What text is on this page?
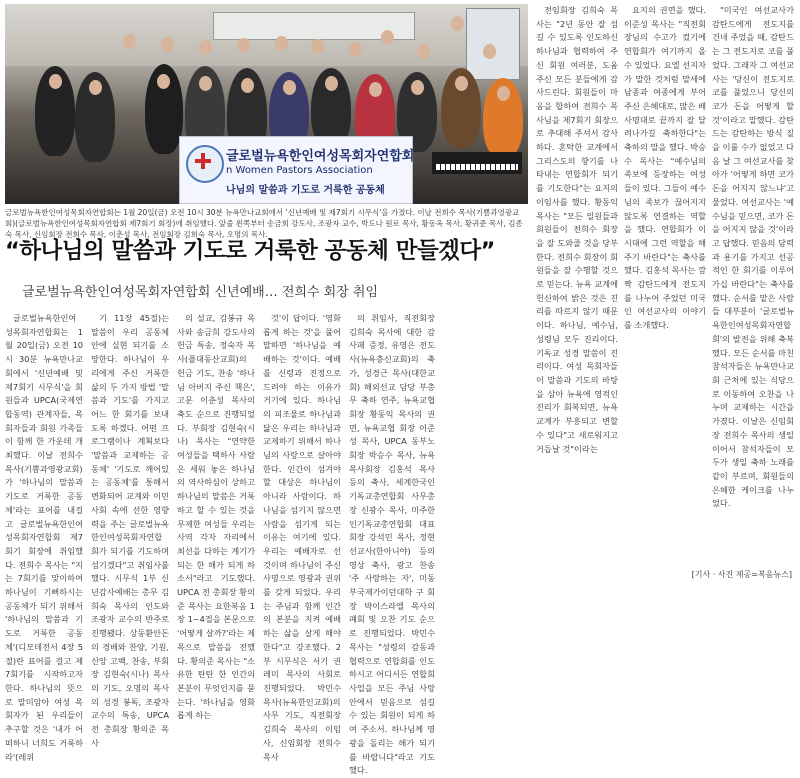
글로벌뉴욕한인여성목회자연합회
n Women Pastors Association
나님의 말씀과 기도로 거룩한 공동체
글로벌뉴욕한인여성목회자연합회는 1월 20일(금) 오전 10시 30분 뉴욕만나교회에서 '신년예배 및 제7회기 시무식'을 가졌다. 이날 전희수 목사(기쁨과영광교회)(글로벌뉴욕한인여성목회자연합회 제7회기 회장)에 취임했다. 앞줄 왼쪽부터 송금희 강도사, 조광자 교수, 박도나 원로 목사, 황동옥 목사, 황귀준 목사, 김종숙 목사, 신임회장 전희수 목사, 이춘성 목사, 전임회장 김희숙 목사, 오명의 목사.
“하나님의 말씀과 기도로 거룩한 공동체 만들겠다”
글로벌뉴욕한인여성목회자연합회 신년예배… 전희수 회장 취임

글로벌뉴욕한인여성목회자연합회는 1월 20일(금) 오전 10시 30분 뉴욕만나교회에서 '신년예배 및 제7회기 시무식'을 회원들과 UPCA(국제연합동역) 관계자들, 목회자들과 회원 가족들이 함께 한 가운데 개최했다. 이날 전희수 목사(기쁨과영광교회)가 '하나님의 말씀과 기도로 거룩한 공동체'라는 표어를 내걸고 글로벌뉴욕한인여성목회자연합회 제7회기 회장에 취임했다. 전희수 목사는 "지는 7회기를 맞이하여 하나님이 기뻐하시는 공동체가 되기 위해서 '하나님의 말씀과 기도로 거룩한 공동체'(디모데전서 4장 5절)란 표어를 걸고 제7회기를 시작하고자 한다. 하나님의 뜻으로 말미암아 여성 목회자가 된 우리들이 추구할 것은 '내가 어떠하니 너희도 거룩하라'(레위

기 11장 45절)는 말씀이 우리 공동체 안에 실현 되기를 소망한다. 하나님이 우리에게 주신 거룩한 삶의 두 가지 방법 '말씀과 기도'를 가지고 어느 한 회기를 보내도록 하겠다. 어떤 프로그램이나 계획보다 '말씀과 교제하는 공동체' '기도로 깨어있는 공동체'를 통해서 변화되어 교계와 이민사회 속에 선한 영향력을 주는 글로벌뉴욕한인여성목회자연합회가 되기를 기도하며 섬기겠다"고 취임사를 했다. 시무식 1부 신년감사예배는 총무 김희숙 목사의 인도와 조광자 교수의 반주로 진행됐다. 상동환안돈의 경배와 찬양, 기원, 신앙 고백, 찬송, 부회장 김현숙(시나) 목사의 기도, 오명의 목사의 성경 봉독, 조광자 교수의 특송, UPCA 전 총회장 황의준 목사

의 설교, 김봉규 목사와 송금희 강도사의 헌금 특송, 정숙자 목사(플대동산교회)의 헌금 기도, 찬송 '하나님 아버지 주신 책은', 고문 이춘성 목사의 축도 순으로 진행되었다. 부회장 김현숙(시나) 목사는 "연약한 여성들을 택하사 사람은 세워 놓은 하나님의 역사하심이 상하고 하나님의 말씀은 거룩하고 할 수 있는 것을 무제한 여성들 우리는 사역 각자 자리에서 최선을 다하는 계기가 되는 한 해가 되게 하소서"라고 기도했다. UPCA 전 총회장 황의준 목사는 요한복음 1장 1~4절을 본문으로 '어떻게 살까?'라는 제목으로 말씀을 전했다. 황의준 목사는 "소유한 탄탄 한 인간의 본분이 무엇인지를 묻는다. '하나님을 영화롭게 하는

것'이 답이다. '영화롭게 하는 것'을 풀어 말하면 '하나님을 예배하는 것'이다. 예배를 신령과 진정으로 드려야 하는 이유가 거기에 있다. 하나님의 피조물로 하나님과 닮은 우리는 하나님과 교제하기 위해서 하나님의 사랑으로 살아야 한다. 인간이 섬겨야 할 대상은 하나님이 아니라 사람이다. 하나님을 섬기지 않으면 사람을 섬기게 되는 이유는 여기에 있다. 우리는 예배자로 선 것이며 하나님이 주신 사명으로 영광과 권위를 갖게 되었다. 우리는 주님과 함께 인간의 본분을 지켜 예배하는 삶을 살게 해야 한다"고 강조했다. 2부 시무식은 서기 권레미 목사의 사회로 진행되었다. 박민수 목사(뉴욕한인교회)의 사무 기도, 직전회장 김희숙 목사의 이임사, 신임회장 전희수 목사

의 취임사, 직전회장 김희숙 목사에 대한 감사패 증정, 유영은 전도사(뉴욕충신교회)의 축가, 성경근 목사(대한교회) 해외선교 담당 부총무 축하 연주, 뉴욕교협 회장 황동익 목사의 권면, 뉴욕교협 회장 이준성 목사, UPCA 동부노회장 박승수 목사, 뉴욕목사회장 김홍석 목사 등의 축사, 세계한국인기독교총연합회 사무총장 신광수 목사, 미주한인기독교총연합회 대표회장 강석민 목사, 정현 선교사(한아니야) 등의 영상 축사, 광고 찬송 '주 사랑하는 자', 미동부국제가이던대학 구 회장 박이스라엘 목사의 폐회 및 오찬 기도 순으로 진행되었다. 박민수 목사는 "성령의 감동과 협력으로 연합회를 인도하시고 어디서든 연합회 사업을 모든 주님 사랑 안에서 믿음으로 섬길 수 있는 회원이 되게 하여 주소서. 하나님께 영광을 돌리는 해가 되기를 바랍니다"라고 기도했다.

전임회장 김희숙 목사는 "2년 동안 잘 섬길 수 있도록 인도하신 하나님과 협력하여 주신 회원 여러분, 도움 주신 모든 분들에게 감사드린다. 회원들이 마음을 합하여 전희수 목사님을 제7회기 회장으로 추대해 주셔서 감사하다. 혼탁한 교계에서 그리스도의 향기를 나타내는 연합회가 되기를 기도한다"는 요지의 이임사를 했다. 황동익 목사는 "모든 일원들과 회원들이 전희수 회장을 잘 도와줄 것을 당부한다. 전희수 회장이 회원들을 잘 수행할 것으로 믿는다. 뉴욕 교계에 헌신하여 밝은 것은 진리를 따르지 않기 때문이다. 하나님, 예수님, 성령님 모두 진리이다. 기독교 성경 말씀이 진리이다. 여성 목회자들이 말씀과 기도의 바탕을 삼아 뉴욕에 영적인 진리가 회복되면, 뉴욕 교계가 부흥되고 변할 수 있다"고 새로워지고 거듭날 것"이라는

요지의 권면을 했다. 이준성 목사는 "직전회장님의 수고가 컸기에 연합회가 여기까지 올 수 있었다. 요엘 선지자가 말한 것처럼 말세에 남종과 여종에게 부어주신 은혜대로, 많은 배 사명대로 끝까지 잘 달려나가길 축하한다"는 축하의 말을 했다. 박승수 목사는 "예수님의 족보에 등장하는 여성들이 있다. 그들이 예수님의 족보가 끊어지지 않도록 연결하는 역할을 했다. 연합회가 이 시대에 그런 역할을 해주기 바란다"는 축사를 했다. 김홍석 목사는 깜짝 감탄드에게 전도지를 나누어 주었던 미국인 여선교사의 이야기를 소개했다.

"미국인 여선교사가 감탄드에게 전도지를 건네 주었을 때, 감탄드는 그 전도지로 코를 풀었다. 그래자 그 여선교사는 '당신이 전도지로 코를 풀었으니 당신의 코가 돈을 어떻게 할 것'이라고 말했다. 감탄드는 감탄하는 방식 질을 이룰 수가 없었고 다음 날 그 여선교사를 찾아가 '어떻게 하면 코가 돈을 어지지 않느냐'고 물었다. 여선교사는 '예수님을 믿으면, 코가 돈을 어지지 않을 것'이라고 답했다. 믿음의 담력과 용기를 가지고 선공적인 한 회기를 이루어 가십 바란다"는 축사를 했다. 순서를 맡은 사람들 대부분이 '글로벌뉴욕한인여성목회자연합회'의 발전을 위해 축복했다. 모든 순서를 마친 참석자들은 뉴욕만나교회 근처에 있는 식당으로 이동하여 오찬을 나누며 교제하는 시간을 가졌다. 이날은 신임회장 전희수 목사의 생일이어서 참석자들이 모두가 생일 축하 노래를 같이 부르며, 회원들의 은혜한 케이크를 나누었다.

[기사 · 사진 제공=복음뉴스]
